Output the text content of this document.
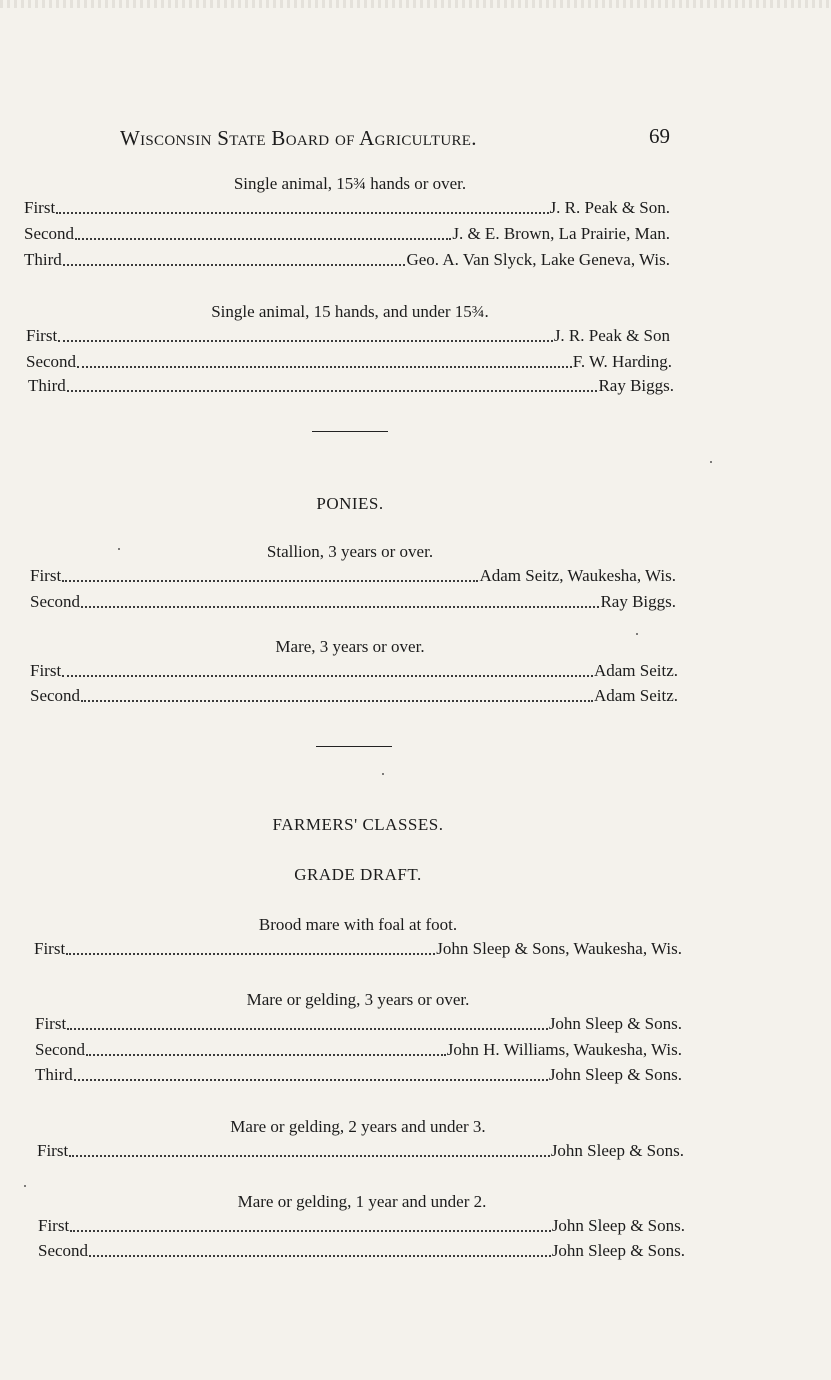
Wisconsin State Board of Agriculture.	69
Single animal, 15¾ hands or over.
First	J. R. Peak & Son.
Second	J. & E. Brown, La Prairie, Man.
Third	Geo. A. Van Slyck, Lake Geneva, Wis.
Single animal, 15 hands, and under 15¾.
First	J. R. Peak & Son
Second	F. W. Harding.
Third	Ray Biggs.
PONIES.
Stallion, 3 years or over.
First	Adam Seitz, Waukesha, Wis.
Second	Ray Biggs.
Mare, 3 years or over.
First	Adam Seitz.
Second	Adam Seitz.
FARMERS' CLASSES.
GRADE DRAFT.
Brood mare with foal at foot.
First	John Sleep & Sons, Waukesha, Wis.
Mare or gelding, 3 years or over.
First	John Sleep & Sons.
Second	John H. Williams, Waukesha, Wis.
Third	John Sleep & Sons.
Mare or gelding, 2 years and under 3.
First	John Sleep & Sons.
Mare or gelding, 1 year and under 2.
First	John Sleep & Sons.
Second	John Sleep & Sons.
